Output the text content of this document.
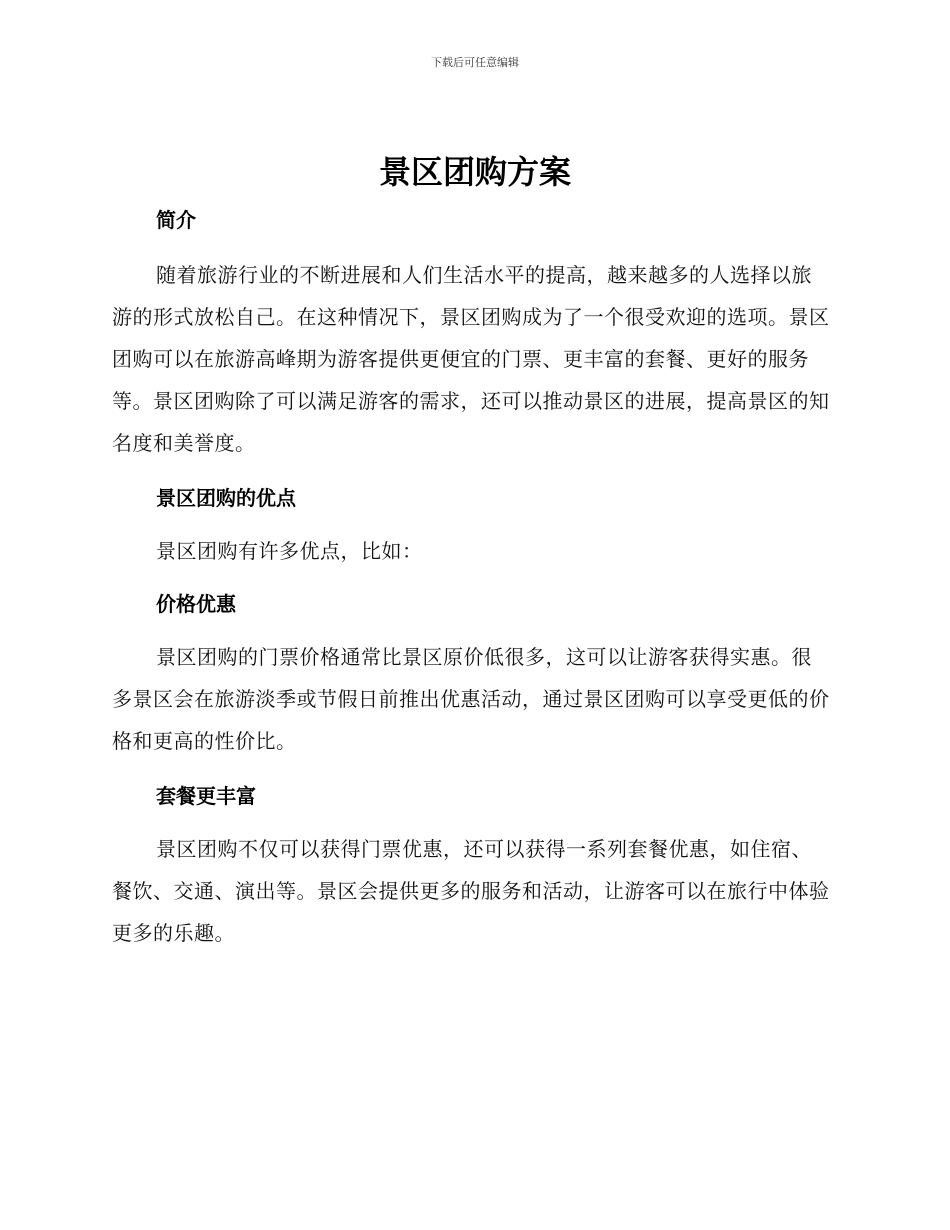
下载后可任意编辑
景区团购方案
简介

随着旅游行业的不断进展和人们生活水平的提高，越来越多的人选择以旅游的形式放松自己。在这种情况下，景区团购成为了一个很受欢迎的选项。景区团购可以在旅游高峰期为游客提供更便宜的门票、更丰富的套餐、更好的服务等。景区团购除了可以满足游客的需求，还可以推动景区的进展，提高景区的知名度和美誉度。

景区团购的优点

景区团购有许多优点，比如：

价格优惠

景区团购的门票价格通常比景区原价低很多，这可以让游客获得实惠。很多景区会在旅游淡季或节假日前推出优惠活动，通过景区团购可以享受更低的价格和更高的性价比。

套餐更丰富

景区团购不仅可以获得门票优惠，还可以获得一系列套餐优惠，如住宿、餐饮、交通、演出等。景区会提供更多的服务和活动，让游客可以在旅行中体验更多的乐趣。
